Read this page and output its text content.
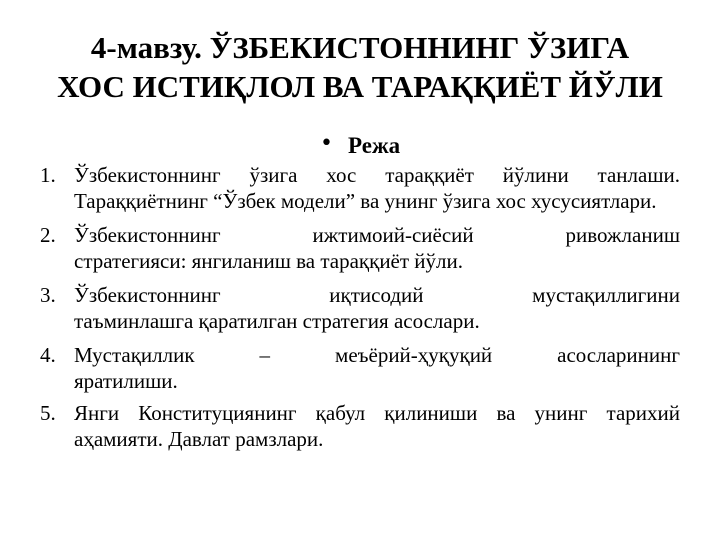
4-мавзу. ЎЗБЕКИСТОННИНГ ЎЗИГА
ХОС ИСТИҚЛОЛ ВА ТАРАҚҚИЁТ ЙЎЛИ
• Режа
1. Ўзбекистоннинг ўзига хос тараққиёт йўлини танлаши. Тараққиётнинг “Ўзбек модели” ва унинг ўзига хос хусусиятлари.
2. Ўзбекистоннинг ижтимоий-сиёсий ривожланиш
стратегияси: янгиланиш ва тараққиёт йўли.
3. Ўзбекистоннинг иқтисодий мустақиллигини
таъминлашга қаратилган стратегия асослари.
4. Мустақиллик – меъёрий-ҳуқуқий асосларининг
яратилиши.
5. Янги Конституциянинг қабул қилиниши ва унинг тарихий аҳамияти. Давлат рамзлари.
